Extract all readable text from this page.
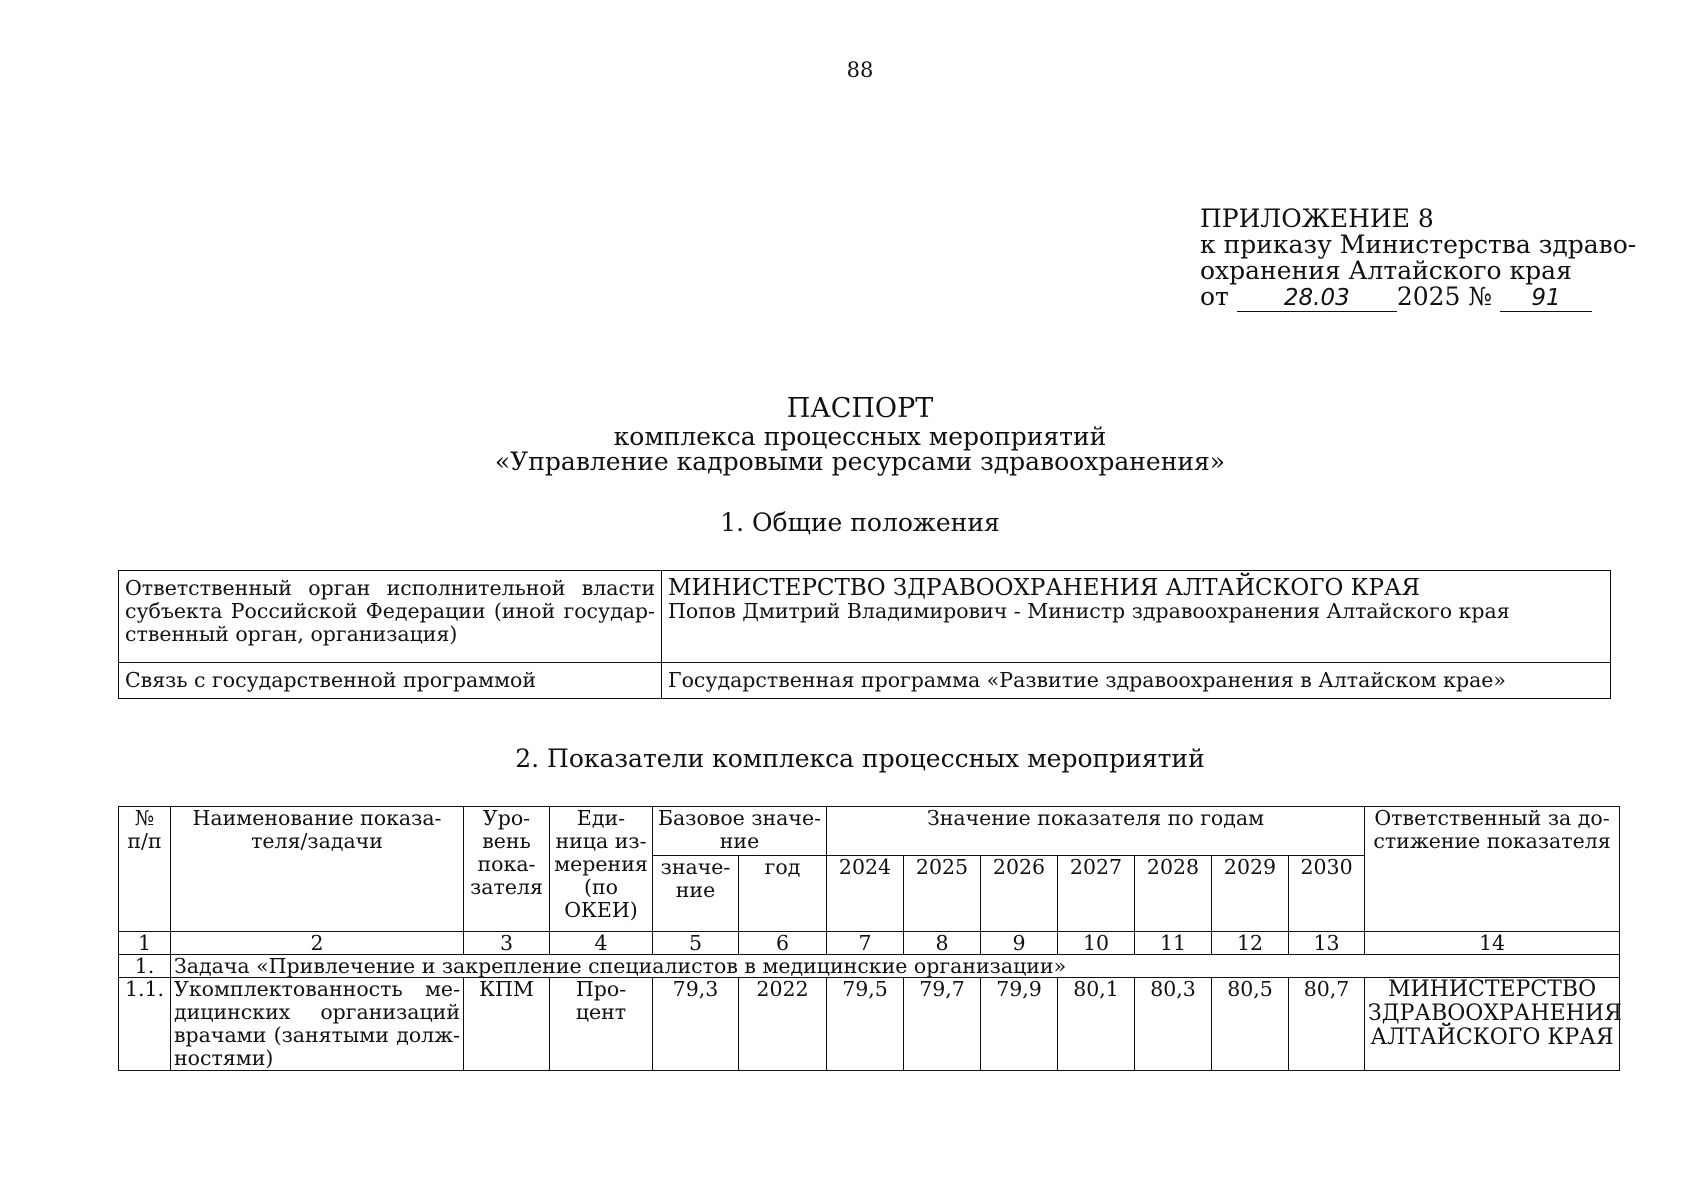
88
ПРИЛОЖЕНИЕ 8
к приказу Министерства здраво-
охранения Алтайского края
от 28.03 2025 № 91
ПАСПОРТ
комплекса процессных мероприятий
«Управление кадровыми ресурсами здравоохранения»
1. Общие положения
Ответственный орган исполнительной власти субъекта Российской Федерации (иной государ-ственный орган, организация)	МИНИСТЕРСТВО ЗДРАВООХРАНЕНИЯ АЛТАЙСКОГО КРАЯ
Попов Дмитрий Владимирович - Министр здравоохранения Алтайского края

Связь с государственной программой	Государственная программа «Развитие здравоохранения в Алтайском крае»
2. Показатели комплекса процессных мероприятий
№ п/п	Наименование показа-теля/задачи	Уро-вень пока-зателя	Еди-ница из-мерения (по ОКЕИ)	Базовое значе-ние		Значение показателя по годам							Ответственный за до-стижение показателя
				значе-ние	год	2024	2025	2026	2027	2028	2029	2030	
1	2	3	4	5	6	7	8	9	10	11	12	13	14
1.	Задача «Привлечение и закрепление специалистов в медицинские организации»												
1.1.	Укомплектованность ме-дицинских организаций врачами (занятыми долж-ностями)	КПМ	Про-цент	79,3	2022	79,5	79,7	79,9	80,1	80,3	80,5	80,7	МИНИСТЕРСТВО ЗДРАВООХРАНЕНИЯ АЛТАЙСКОГО КРАЯ
